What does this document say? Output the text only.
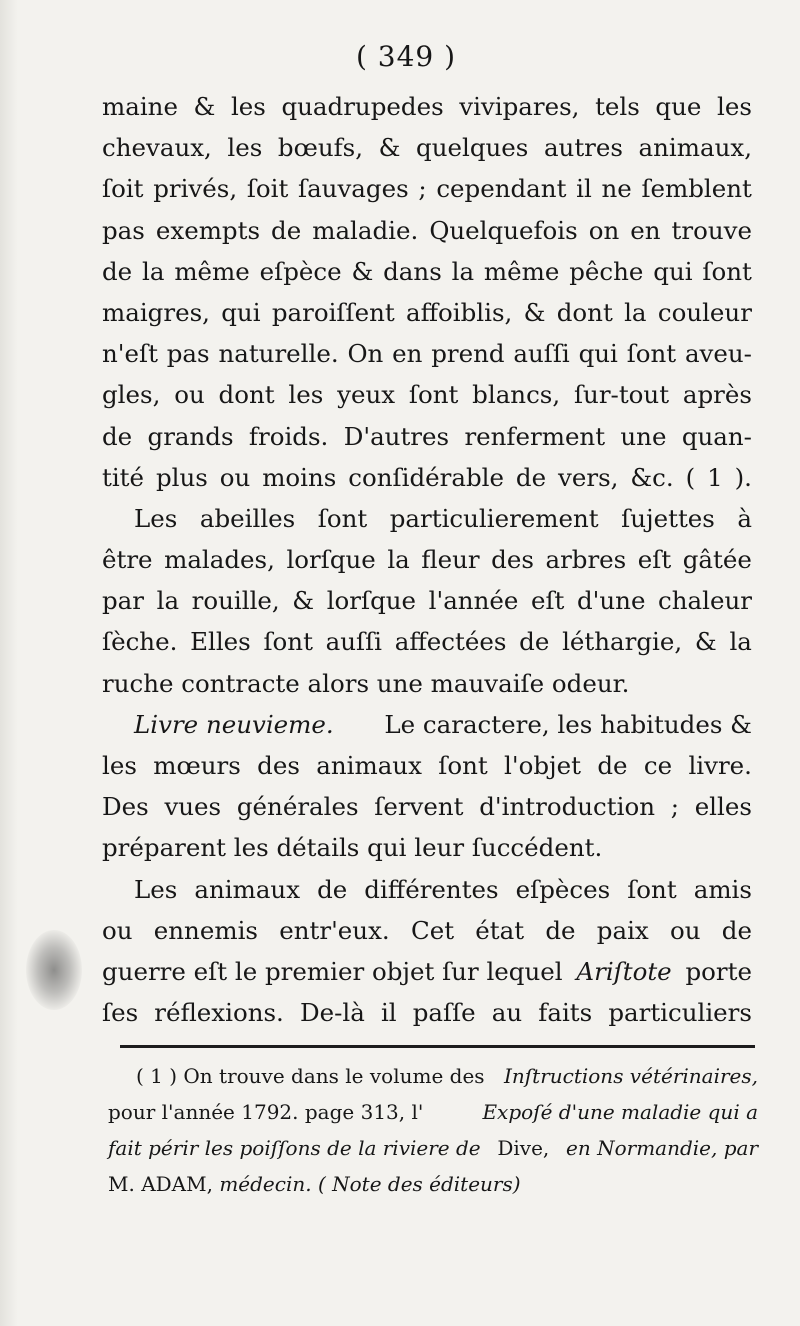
( 349 )
maine & les quadrupedes vivipares, tels que les
chevaux, les bœufs, & quelques autres animaux,
ſoit privés, ſoit ſauvages ; cependant il ne ſemblent
pas exempts de maladie. Quelquefois on en trouve
de la même eſpèce & dans la même pêche qui ſont
maigres, qui paroiſſent affoiblis, & dont la couleur
n'eſt pas naturelle. On en prend auſſi qui ſont aveu-
gles, ou dont les yeux ſont blancs, ſur-tout après
de grands froids. D'autres renferment une quan-
tité plus ou moins conſidérable de vers, &c. ( 1 ).
Les abeilles ſont particulierement ſujettes à
être malades, lorſque la fleur des arbres eſt gâtée
par la rouille, & lorſque l'année eſt d'une chaleur
ſèche. Elles ſont auſſi affectées de léthargie, & la
ruche contracte alors une mauvaiſe odeur.
Livre neuvieme. Le caractere, les habitudes &
les mœurs des animaux ſont l'objet de ce livre.
Des vues générales ſervent d'introduction ; elles
préparent les détails qui leur ſuccédent.
Les animaux de différentes eſpèces ſont amis
ou ennemis entr'eux. Cet état de paix ou de
guerre eſt le premier objet ſur lequel Ariſtote porte
ſes réflexions. De-là il paſſe au faits particuliers
( 1 ) On trouve dans le volume des Inſtructions vétérinaires,
pour l'année 1792. page 313, l'	Expoſé d'une maladie qui a
fait périr les poiſſons de la riviere de Dive, en Normandie, par
M. ADAM,
médecin.
( Note des éditeurs)
